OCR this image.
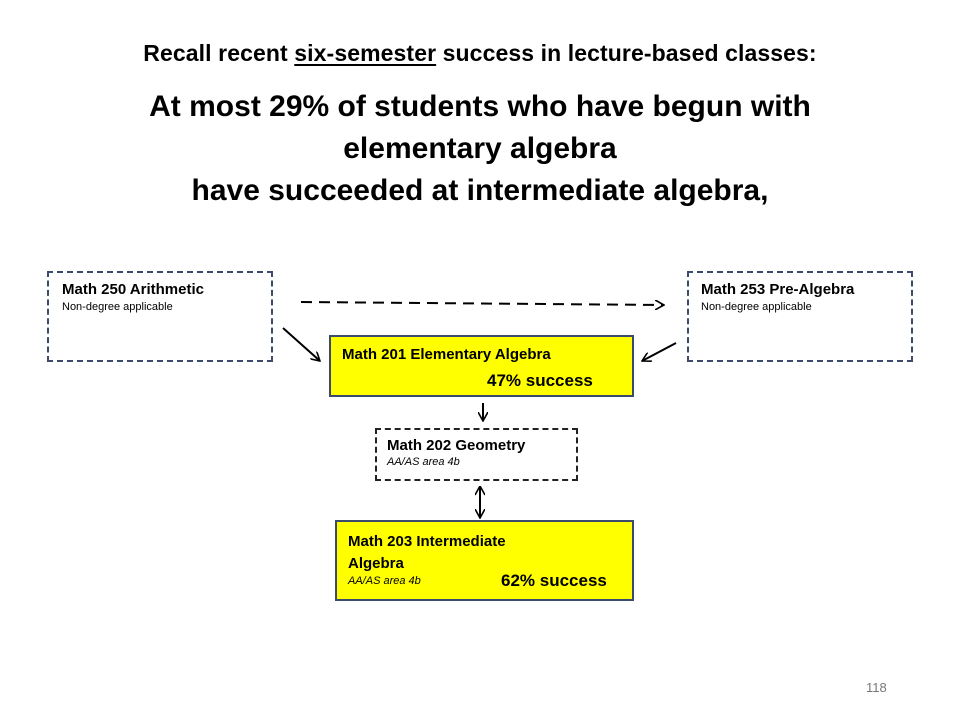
Recall recent six-semester success in lecture-based classes:
At most 29% of students who have begun with
elementary algebra
have succeeded at intermediate algebra,
Math 250 Arithmetic
Non-degree applicable
Math 253 Pre-Algebra
Non-degree applicable
Math 201 Elementary Algebra
47% success
Math 202 Geometry
AA/AS area 4b
Math 203 Intermediate
Algebra
AA/AS area 4b	62% success
118
